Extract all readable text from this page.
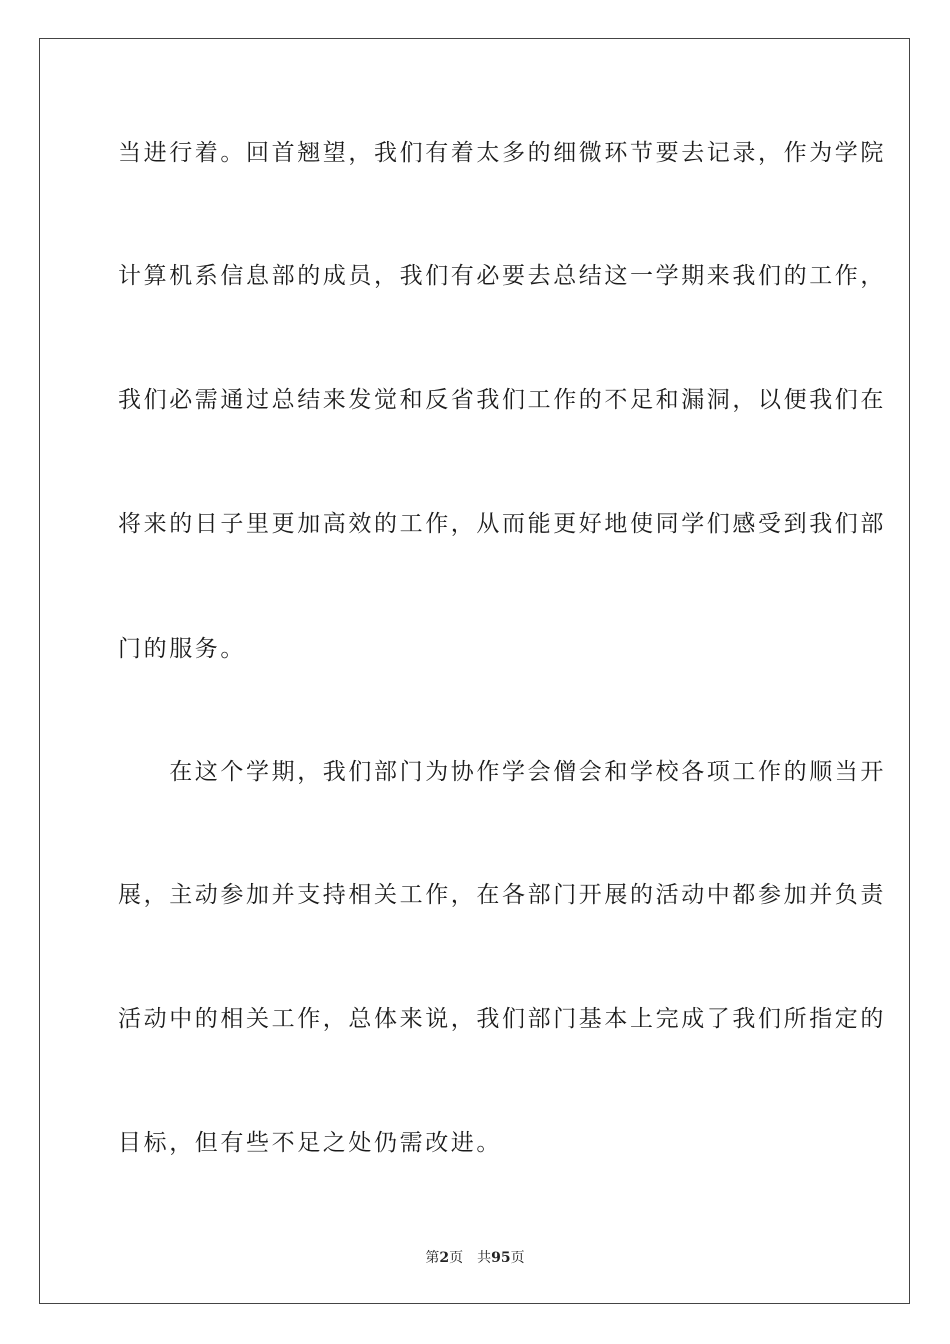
当进行着。回首翘望，我们有着太多的细微环节要去记录，作为学院
计算机系信息部的成员，我们有必要去总结这一学期来我们的工作，
我们必需通过总结来发觉和反省我们工作的不足和漏洞，以便我们在
将来的日子里更加高效的工作，从而能更好地使同学们感受到我们部
门的服务。
　　在这个学期，我们部门为协作学会僧会和学校各项工作的顺当开
展，主动参加并支持相关工作，在各部门开展的活动中都参加并负责
活动中的相关工作，总体来说，我们部门基本上完成了我们所指定的
目标，但有些不足之处仍需改进。
第2页 共95页
